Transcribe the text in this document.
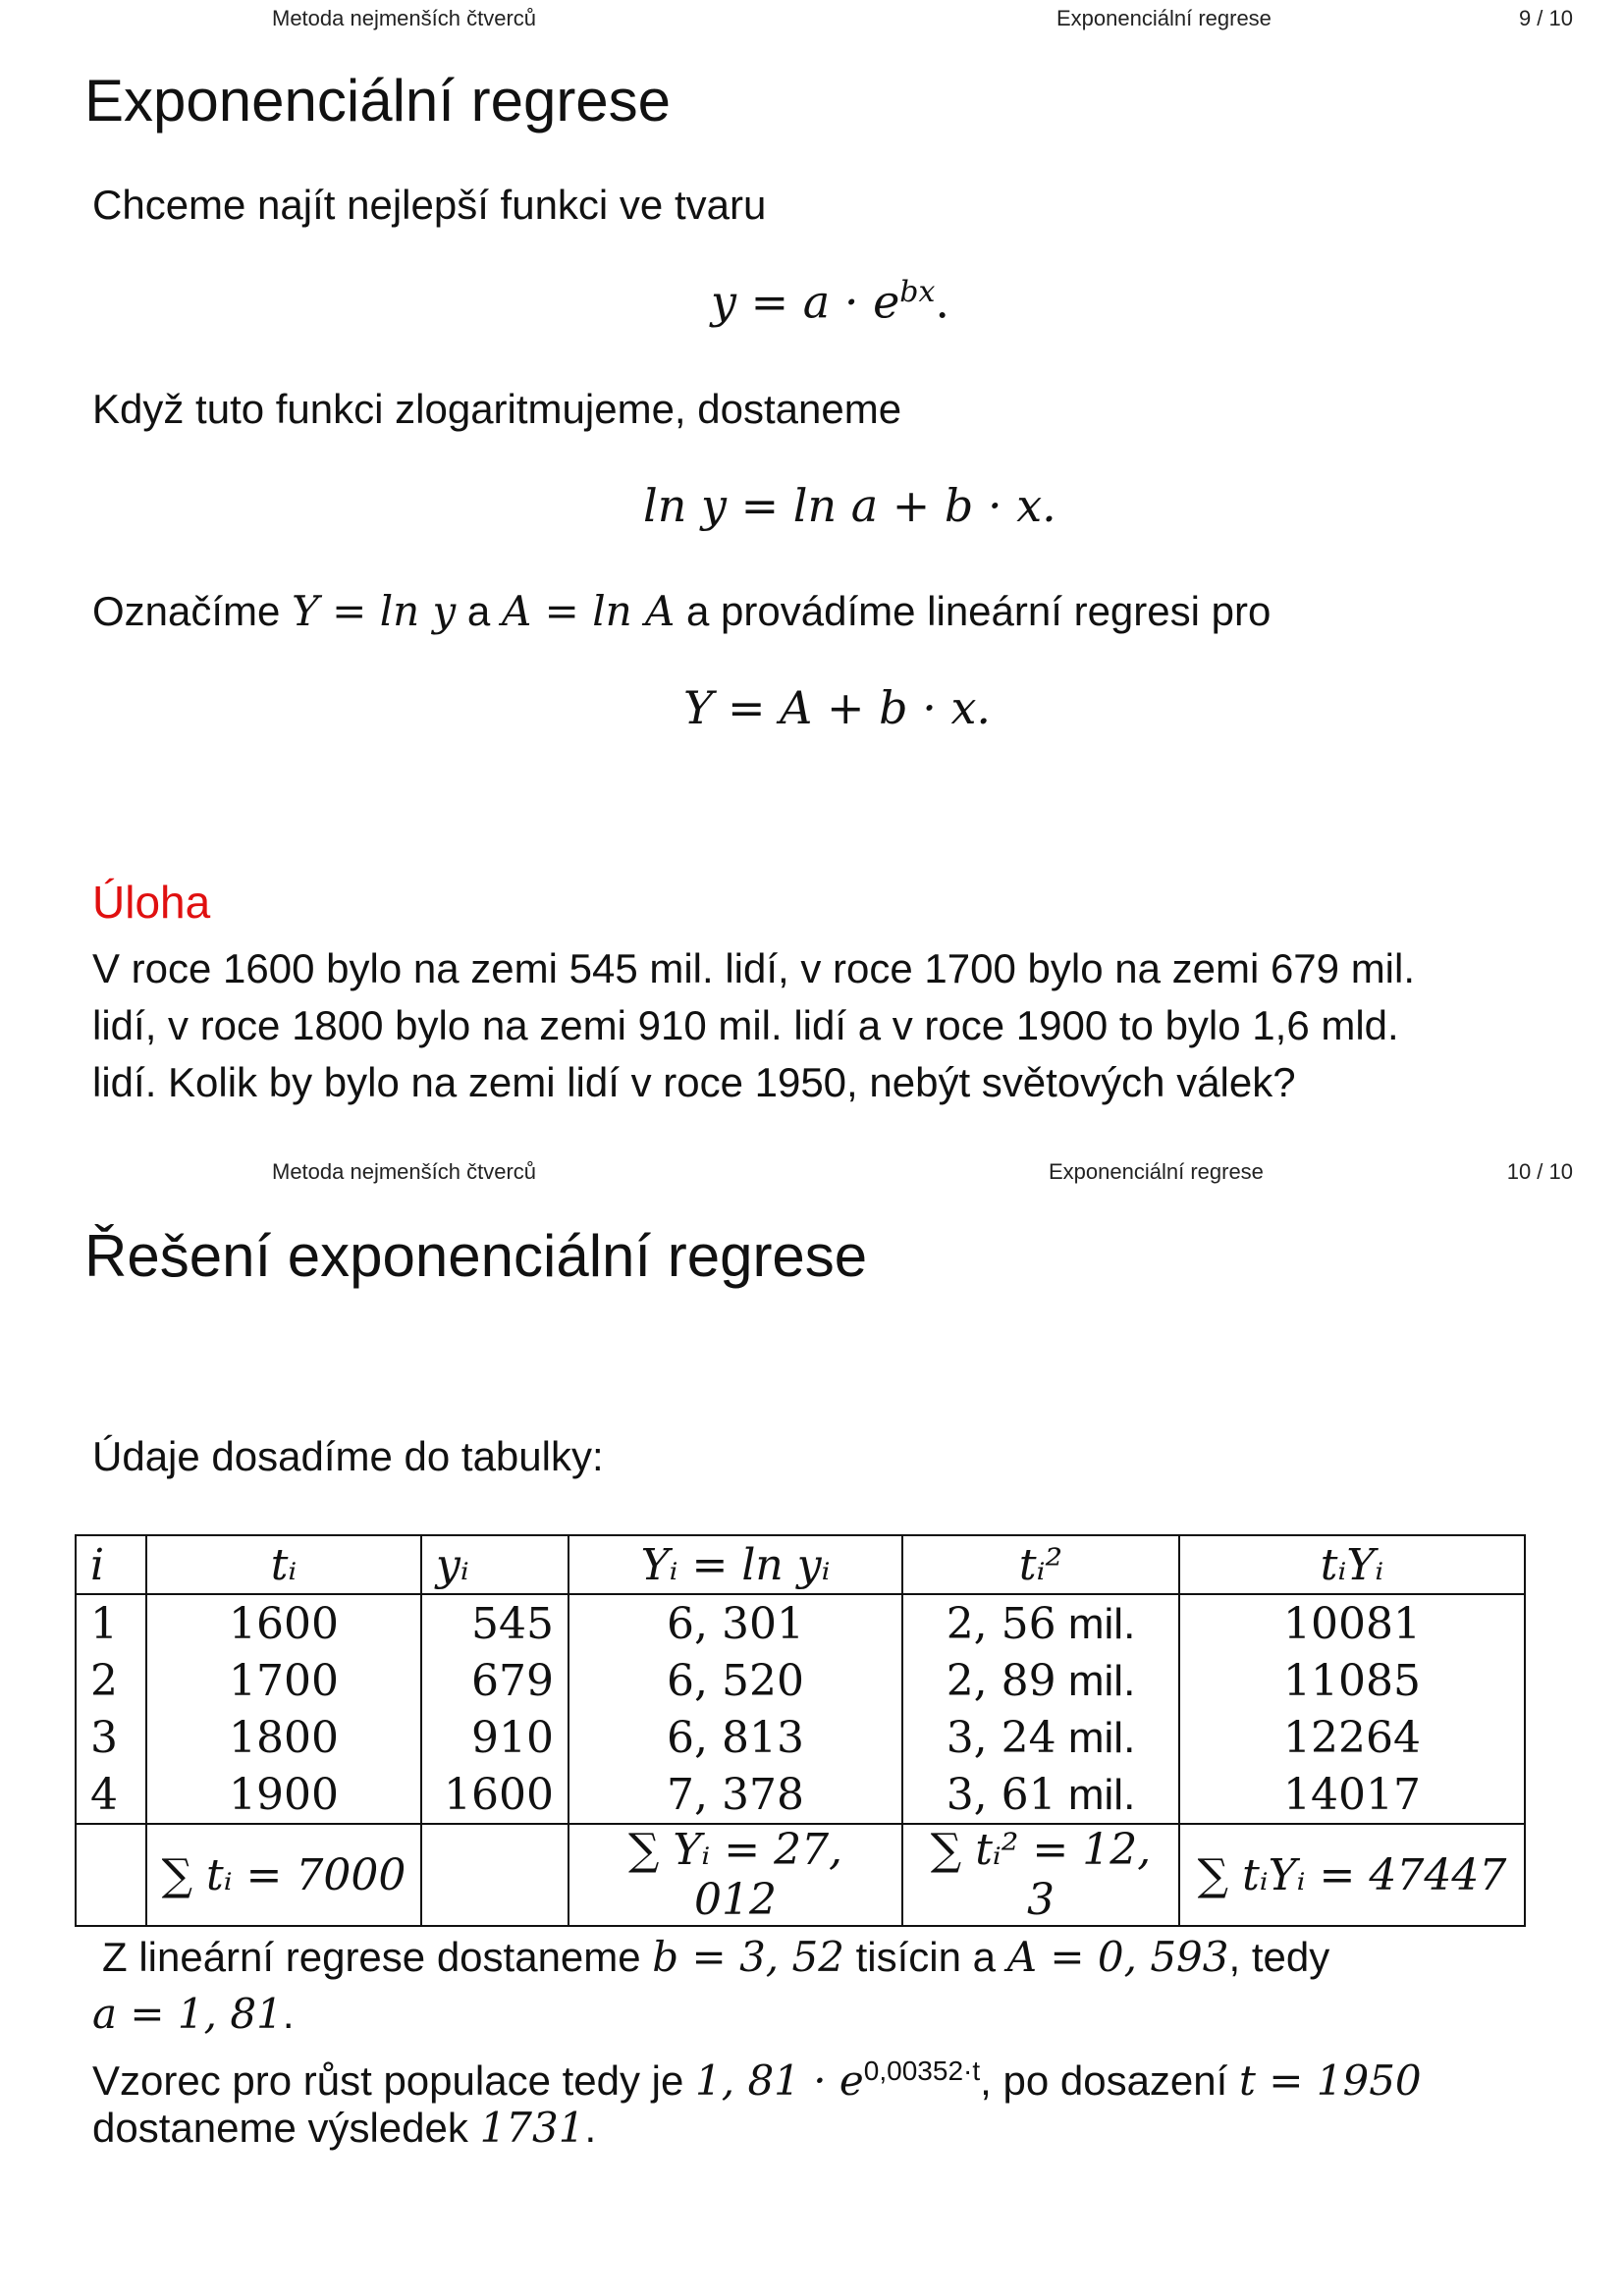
Metoda nejmenších čtverců	Exponenciální regrese	9 / 10
Exponenciální regrese
Chceme najít nejlepší funkci ve tvaru
$y = a \cdot e^{bx}$.
Když tuto funkci zlogaritmujeme, dostaneme
ln y = ln a + b · x.
Označíme Y = ln y a A = ln A a provádíme lineární regresi pro
Y = A + b · x.
Úloha
V roce 1600 bylo na zemi 545 mil. lidí, v roce 1700 bylo na zemi 679 mil.
lidí, v roce 1800 bylo na zemi 910 mil. lidí a v roce 1900 to bylo 1,6 mld.
lidí. Kolik by bylo na zemi lidí v roce 1950, nebýt světových válek?
Metoda nejmenších čtverců	Exponenciální regrese	10 / 10
Řešení exponenciální regrese
Údaje dosadíme do tabulky:
i	tᵢ	yᵢ	Yᵢ = ln yᵢ	tᵢ²	tᵢYᵢ
1	1600	545	6, 301	2, 56 mil.	10081
2	1700	679	6, 520	2, 89 mil.	11085
3	1800	910	6, 813	3, 24 mil.	12264
4	1900	1600	7, 378	3, 61 mil.	14017
	∑ tᵢ = 7000		∑ Yᵢ = 27, 012	∑ tᵢ² = 12, 3	∑ tᵢYᵢ = 47447
Z lineární regrese dostaneme b = 3, 52 tisícin a A = 0, 593, tedy
a = 1, 81.
Vzorec pro růst populace tedy je 1, $81 \cdot e^{0,00352\cdot t}$, po dosazení t = 1950
dostaneme výsledek 1731.
